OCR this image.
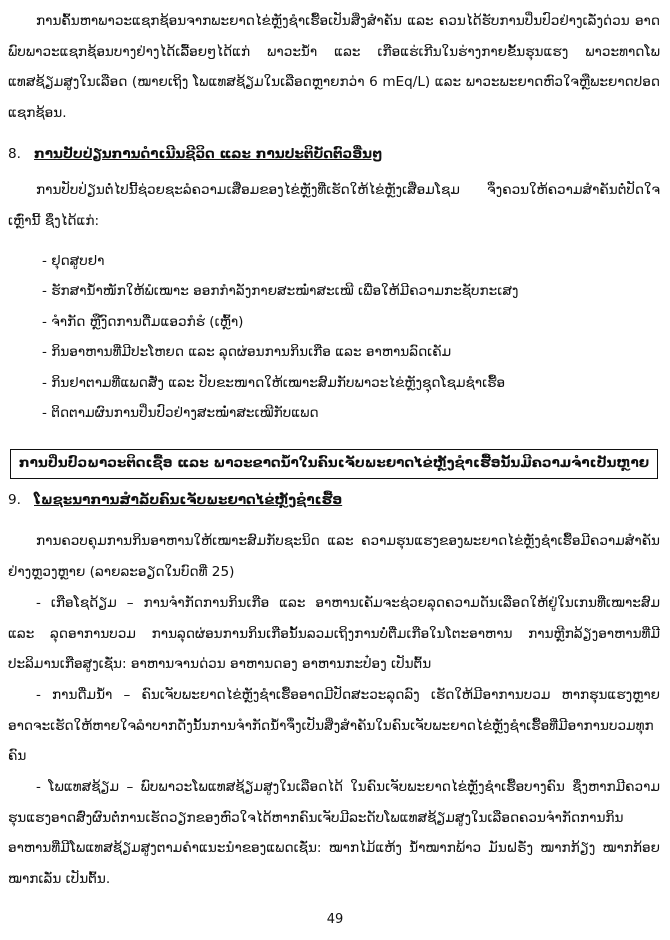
ການຄົ້ນຫາພາວະແຊກຊ້ອນຈາກພະຍາດໄຂ່ຫຼັງຊໍາເຮື້ອເປັນສິ່ງສໍາຄັນ ແລະ ຄວນໄດ້ຮັບການປິ່ນປົວຢ່າງເລັ່ງດ່ວນ ອາດພົບພາວະແຊກຊ້ອນບາງຢ່າງໄດ້ເລື້ອຍໆໄດ້ແກ່ ພາວະນໍ້າ ແລະ ເກືອແຮ່ເກີນໃນຮ່າງກາຍຂັ້ນຮຸນແຮງ ພາວະທາດໂພແທສຊ້ຽມສູງໃນເລືອດ (ໝາຍເຖິງ ໂພແທສຊ້ຽມໃນເລືອດຫຼາຍກວ່າ 6 mEq/L) ແລະ ພາວະພະຍາດຫົວໃຈຫຼືພະຍາດປອດແຊກຊ້ອນ.

8. ການປັບປ່ຽນການດໍາເນີນຊີວິດ ແລະ ການປະຕິບັດຕົວອື່ນໆ

ການປັບປ່ຽນຕໍ່ໄປນີ້ຊ່ວຍຊະລໍຄວາມເສື່ອມຂອງໄຂ່ຫຼັງທີ່ເຮັດໃຫ້ໄຂ່ຫຼັງເສື່ອມໂຊມ ຈຶ່ງຄວນໃຫ້ຄວາມສໍາຄັນຕໍ່ປັດໃຈເຫຼົ່ານີ້ ຊຶ່ງໄດ້ແກ່:

- ຢຸດສູບຢາ
- ຮັກສານໍ້າໜັກໃຫ້ພໍເໝາະ ອອກກໍາລັງກາຍສະໝໍ່າສະເໝີ ເພື່ອໃຫ້ມີຄວາມກະຊັບກະເສງ
- ຈໍາກັດ ຫຼືງົດການດື່ມແອວກໍຮໍ (ເຫຼົ້າ)
- ກິນອາຫານທີ່ມີປະໂຫຍດ ແລະ ລຸດຜ່ອນການກິນເກືອ ແລະ ອາຫານລົດເຄັມ
- ກິນຢາຕາມທີ່ແພດສັ່ງ ແລະ ປັບຂະໜາດໃຫ້ເໝາະສົມກັບພາວະໄຂ່ຫຼັງຊຸດໂຊມຊໍາເຮື້ອ
- ຕິດຕາມຜົນການປິ່ນປົວຢ່າງສະໝໍ່າສະເໝີກັບແພດ
ການປິ່ນປົວພາວະຕິດເຊື້ອ ແລະ ພາວະຂາດນໍ້າໃນຄົນເຈັບພະຍາດໄຂ່ຫຼັງຊໍາເຮື້ອນັ້ນມີຄວາມຈໍາເປັນຫຼາຍ
9. ໂພຊະນາການສໍາລັບຄົນເຈັບພະຍາດໄຂ່ຫຼັງຊໍາເຮື້ອ

ການຄວບຄຸມການກິນອາຫານໃຫ້ເໝາະສົມກັບຊະນິດ ແລະ ຄວາມຮຸນແຮງຂອງພະຍາດໄຂ່ຫຼັງຊໍາເຮື້ອມີຄວາມສໍາຄັນຢ່າງຫຼວງຫຼາຍ (ລາຍລະອຽດໃນບົດທີ່ 25)

- ເກືອໂຊດ້ຽມ – ການຈໍາກັດການກິນເກືອ ແລະ ອາຫານເຄັມຈະຊ່ວຍລຸດຄວາມດັນເລືອດໃຫ້ຢູ່ໃນເກນທີ່ເໝາະສົມ ແລະ ລຸດອາການບວມ ການລຸດຜ່ອນການກິນເກືອນັ້ນລວມເຖິງການບໍ່ຕື່ມເກືອໃນໂຕະອາຫານ ການຫຼີກລ້ຽງອາຫານທີ່ມີປະລິມານເກືອສູງເຊັ່ນ: ອາຫານຈານດ່ວນ ອາຫານດອງ ອາຫານກະປ໋ອງ ເປັນຕົ້ນ

- ການດື່ມນໍ້າ – ຄົນເຈັບພະຍາດໄຂ່ຫຼັງຊໍາເຮື້ອອາດມີປັດສະວະລຸດລົງ ເຮັດໃຫ້ມີອາການບວມ ຫາກຮຸນແຮງຫຼາຍອາດຈະເຮັດໃຫ້ຫາຍໃຈລໍາບາກດັ່ງນັ້ນການຈໍາກັດນໍ້າຈຶ່ງເປັນສິ່ງສໍາຄັນໃນຄົນເຈັບພະຍາດໄຂ່ຫຼັງຊໍາເຮື້ອທີ່ມີອາການບວມທຸກຄົນ

- ໂພແທສຊ້ຽມ – ພົບພາວະໂພແທສຊ້ຽມສູງໃນເລືອດໄດ້ ໃນຄົນເຈັບພະຍາດໄຂ່ຫຼັງຊໍາເຮື້ອບາງຄົນ ຊຶ່ງຫາກມີຄວາມຮຸນແຮງອາດສົ່ງຜົນຕໍ່ການເຮັດວຽກຂອງຫົວໃຈໄດ້ຫາກຄົນເຈັບມີລະດັບໂພແທສຊ້ຽມສູງໃນເລືອດຄວນຈໍາກັດການກິນອາຫານທີ່ມີໂພແທສຊ້ຽມສູງຕາມຄໍາແນະນໍາຂອງແພດເຊັ່ນ: ໝາກໄມ້ແຫ້ງ ນໍ້າໝາກພ້າວ ມັນຝຣັ່ງ ໝາກກ້ຽງ ໝາກກ້ອຍ ໝາກເລັ່ນ ເປັນຕົ້ນ.

49
